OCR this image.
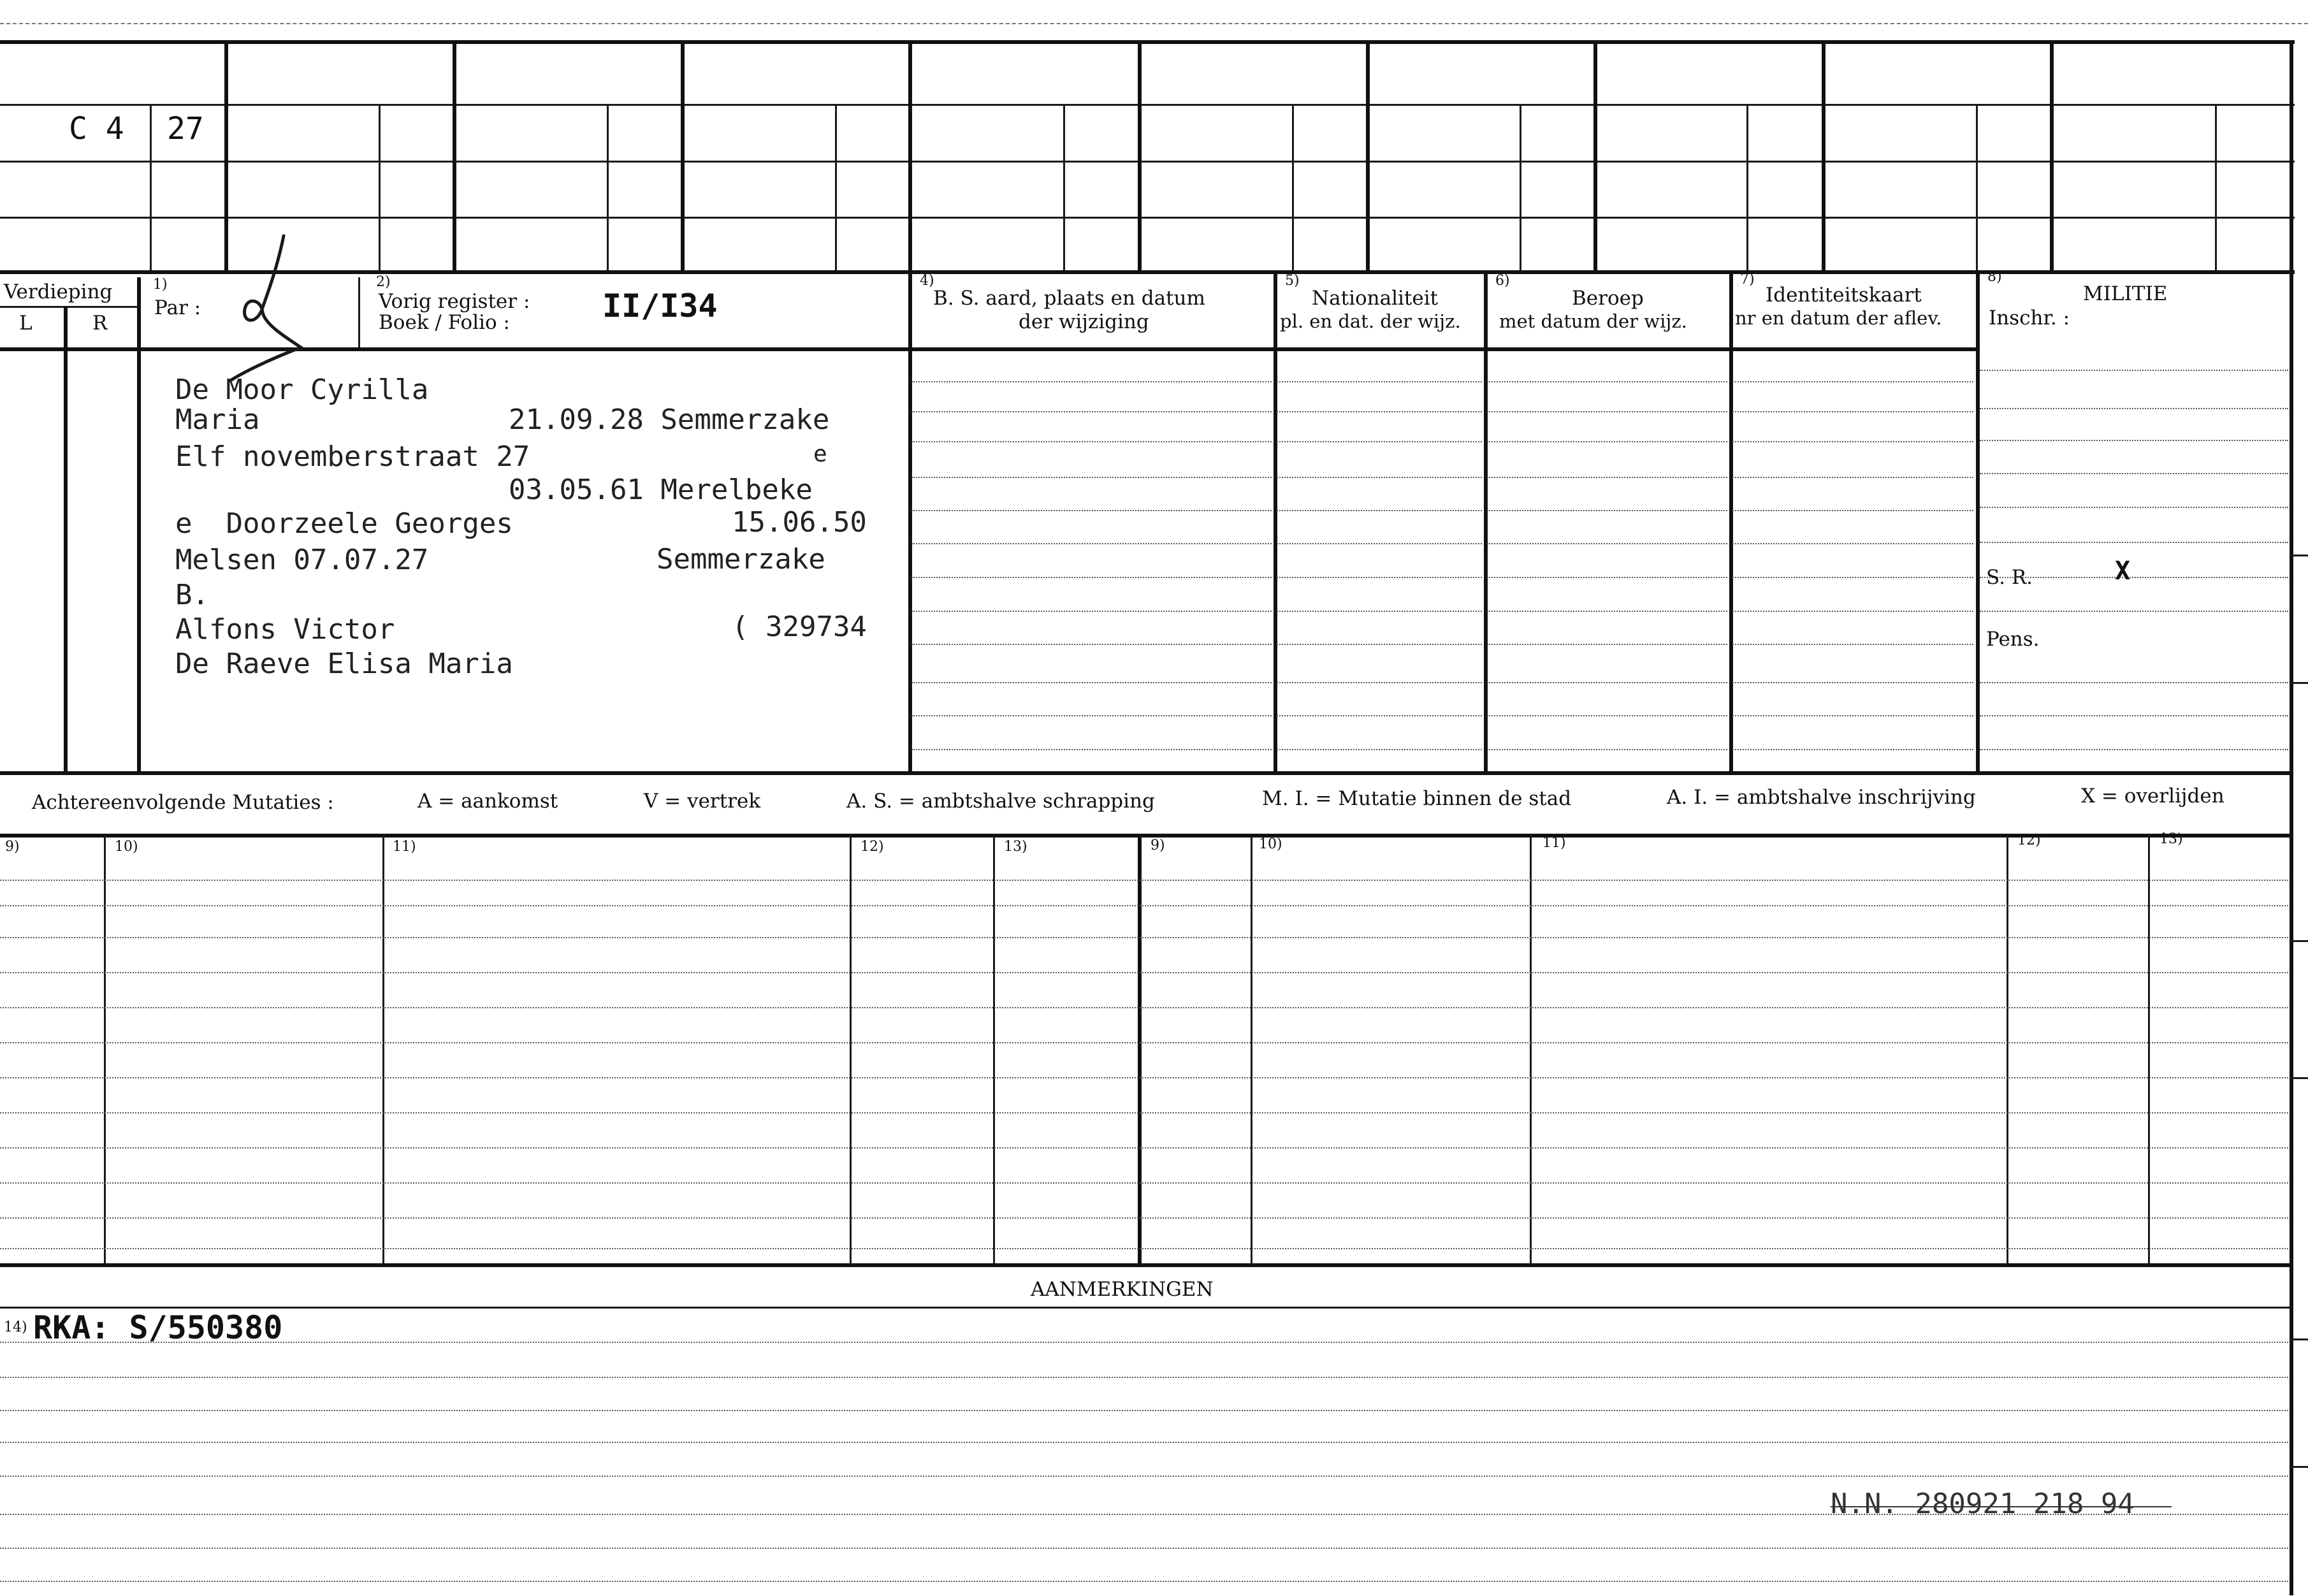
C 4 27
Verdieping
L	R
1)
Par :
2)
Vorig register :
Boek / Folio :	II/I34
4)
B. S. aard, plaats en datum
der wijziging
5)
Nationaliteit
pl. en dat. der wijz.
6)
Beroep
met datum der wijz.
7)
Identiteitskaart
nr en datum der aflev.
8)
MILITIE
Inschr. :
S. R.	X
Pens.
De Moor Cyrilla
Maria	21.09.28 Semmerzake
Elf novemberstraat 27	e
03.05.61 Merelbeke
e  Doorzeele Georges	15.06.50
Melsen 07.07.27	Semmerzake
B.
Alfons Victor	( 329734
De Raeve Elisa Maria
Achtereenvolgende Mutaties :	A = aankomst	V = vertrek	A. S. = ambtshalve schrapping	M. I. = Mutatie binnen de stad	A. I. = ambtshalve inschrijving	X = overlijden
9)	10)	11)	12)	13)	9)	10)	11)	12)	13)
AANMERKINGEN
14) RKA: S/550380
N.N. 280921 218 94
